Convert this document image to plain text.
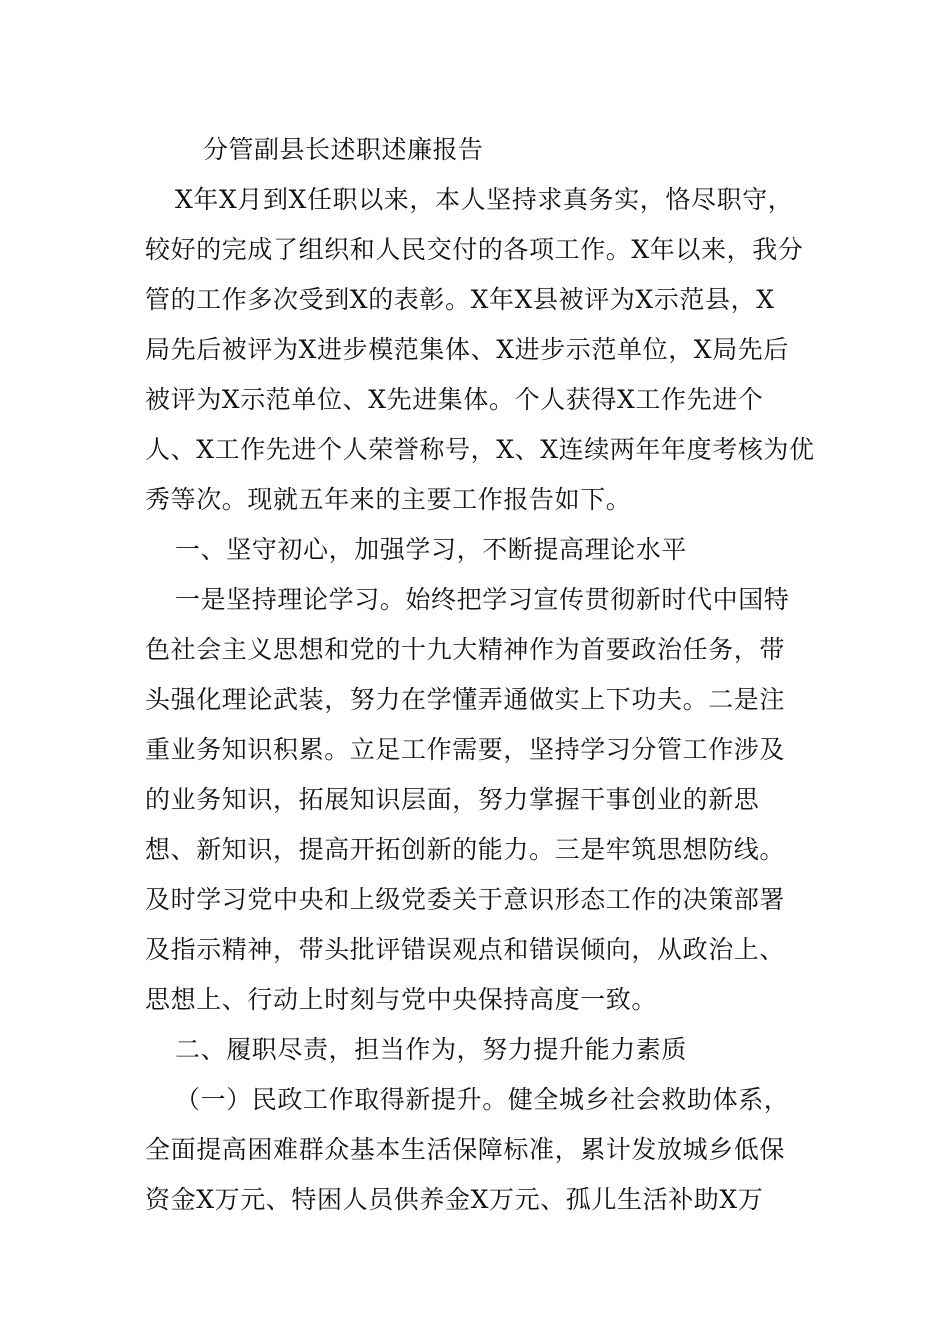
分管副县长述职述廉报告

X年X月到X任职以来，本人坚持求真务实，恪尽职守，

较好的完成了组织和人民交付的各项工作。X年以来，我分

管的工作多次受到X的表彰。X年X县被评为X示范县，X

局先后被评为X进步模范集体、X进步示范单位，X局先后

被评为X示范单位、X先进集体。个人获得X工作先进个

人、X工作先进个人荣誉称号，X、X连续两年年度考核为优

秀等次。现就五年来的主要工作报告如下。

一、坚守初心，加强学习，不断提高理论水平

一是坚持理论学习。始终把学习宣传贯彻新时代中国特

色社会主义思想和党的十九大精神作为首要政治任务，带

头强化理论武装，努力在学懂弄通做实上下功夫。二是注

重业务知识积累。立足工作需要，坚持学习分管工作涉及

的业务知识，拓展知识层面，努力掌握干事创业的新思

想、新知识，提高开拓创新的能力。三是牢筑思想防线。

及时学习党中央和上级党委关于意识形态工作的决策部署

及指示精神，带头批评错误观点和错误倾向，从政治上、

思想上、行动上时刻与党中央保持高度一致。

二、履职尽责，担当作为，努力提升能力素质

（一）民政工作取得新提升。健全城乡社会救助体系，

全面提高困难群众基本生活保障标准，累计发放城乡低保

资金X万元、特困人员供养金X万元、孤儿生活补助X万
